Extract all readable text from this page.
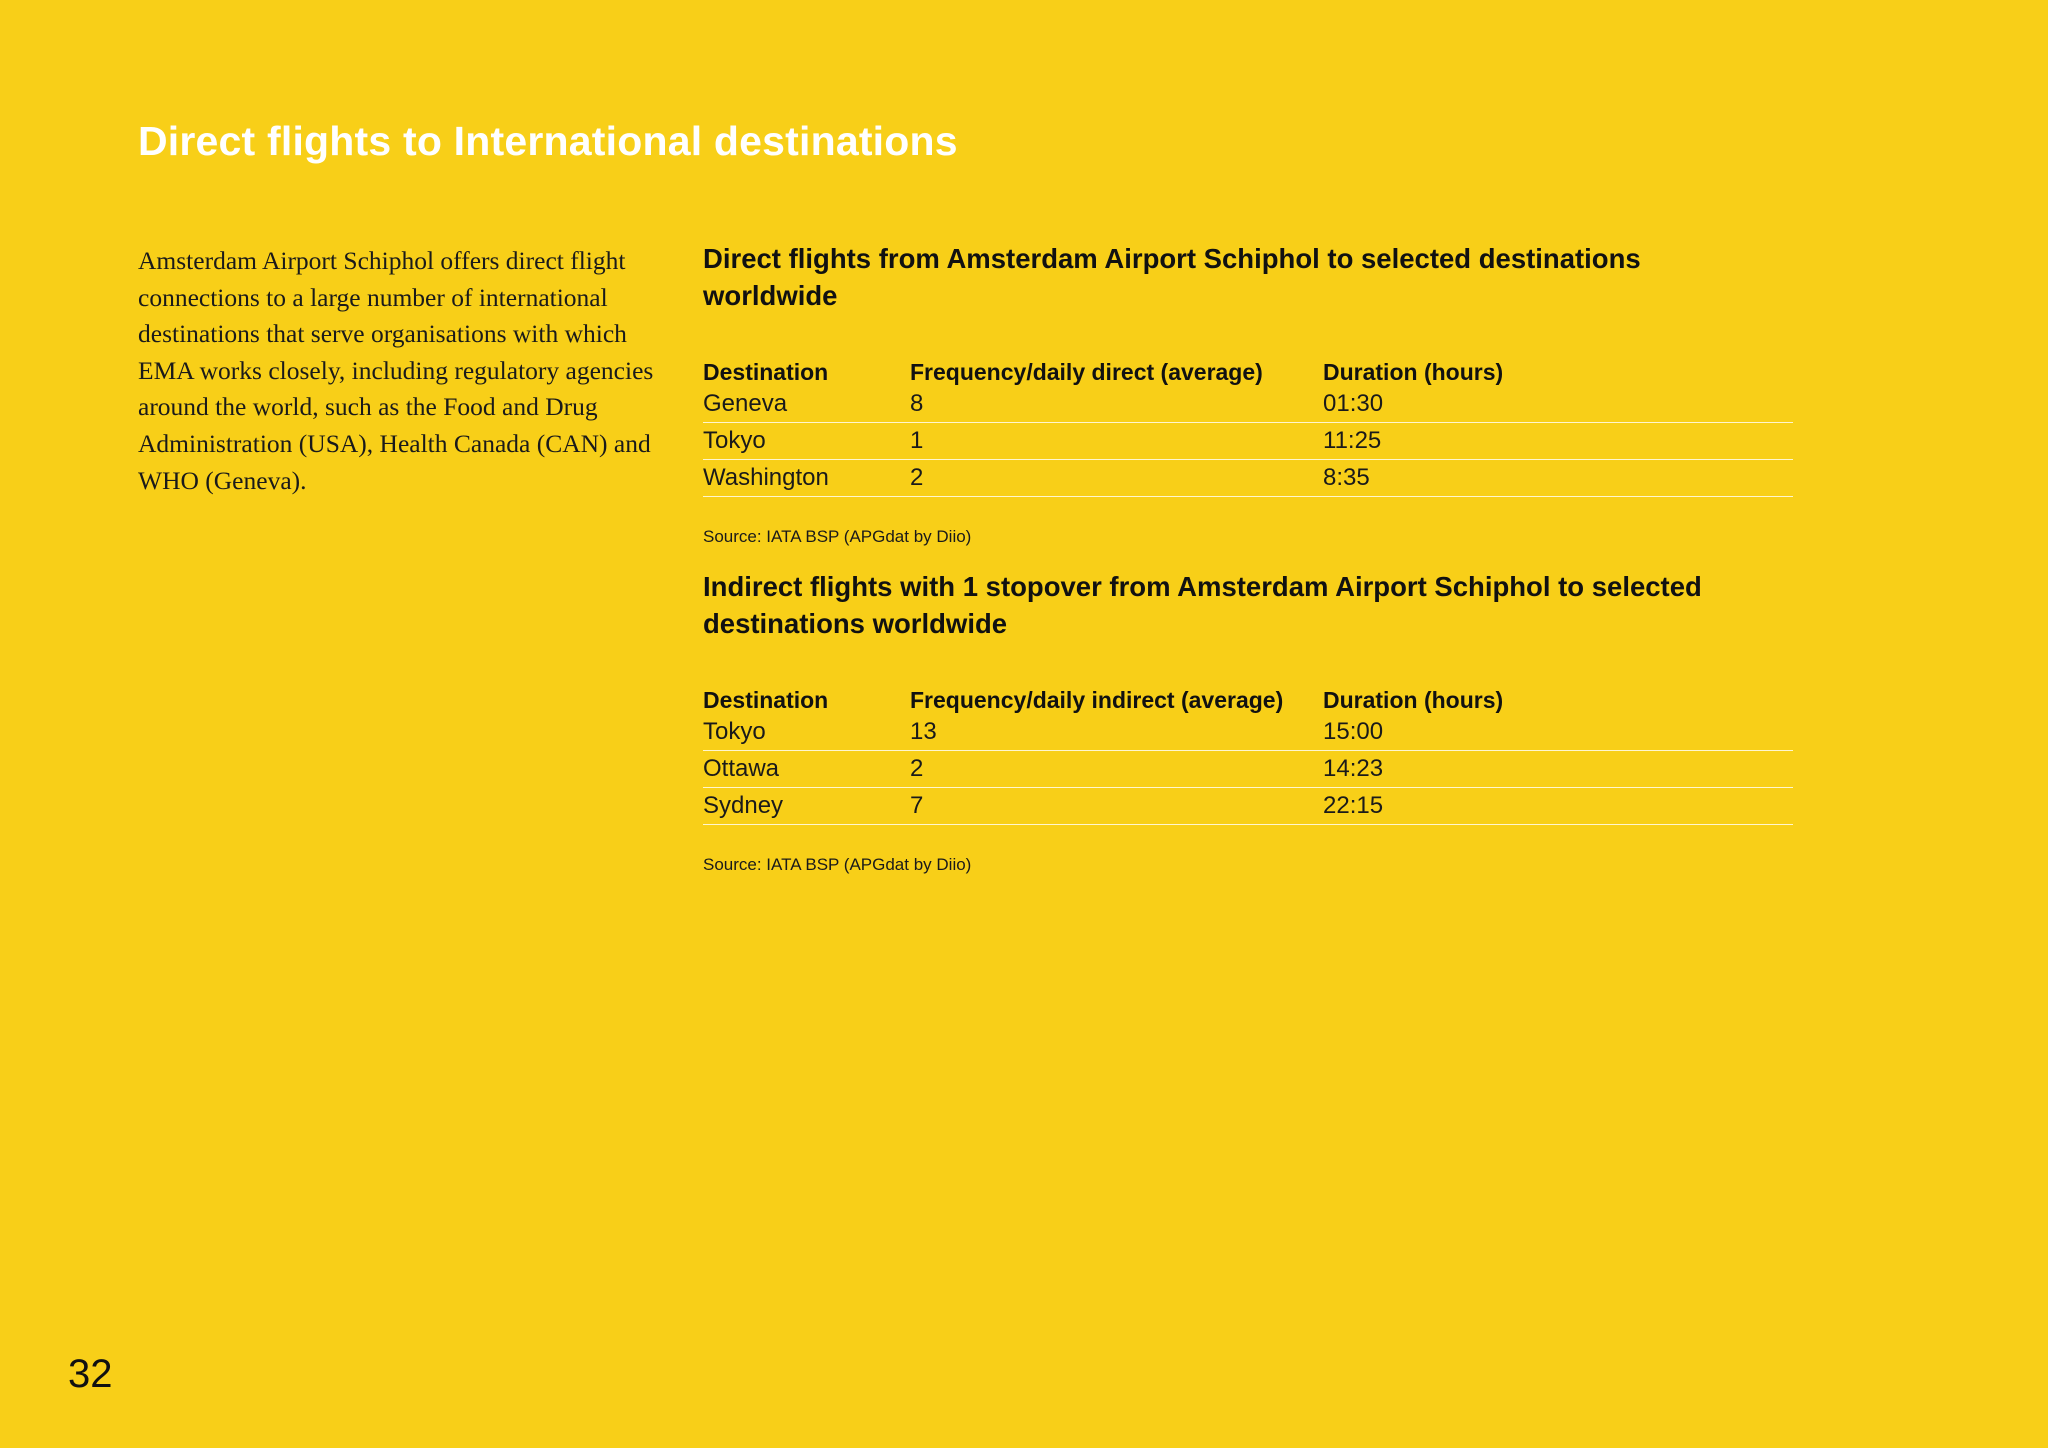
Direct flights to International destinations

Amsterdam Airport Schiphol offers direct flight connections to a large number of international destinations that serve organisations with which EMA works closely, including regulatory agencies around the world, such as the Food and Drug Administration (USA), Health Canada (CAN) and WHO (Geneva).

Direct flights from Amsterdam Airport Schiphol to selected destinations worldwide
Destination	Frequency/daily direct (average)	Duration (hours)
Geneva	8	01:30
Tokyo	1	11:25
Washington	2	8:35
Source: IATA BSP (APGdat by Diio)
Indirect flights with 1 stopover from Amsterdam Airport Schiphol to selected destinations worldwide
Destination	Frequency/daily indirect (average)	Duration (hours)
Tokyo	13	15:00
Ottawa	2	14:23
Sydney	7	22:15
Source: IATA BSP (APGdat by Diio)
32
